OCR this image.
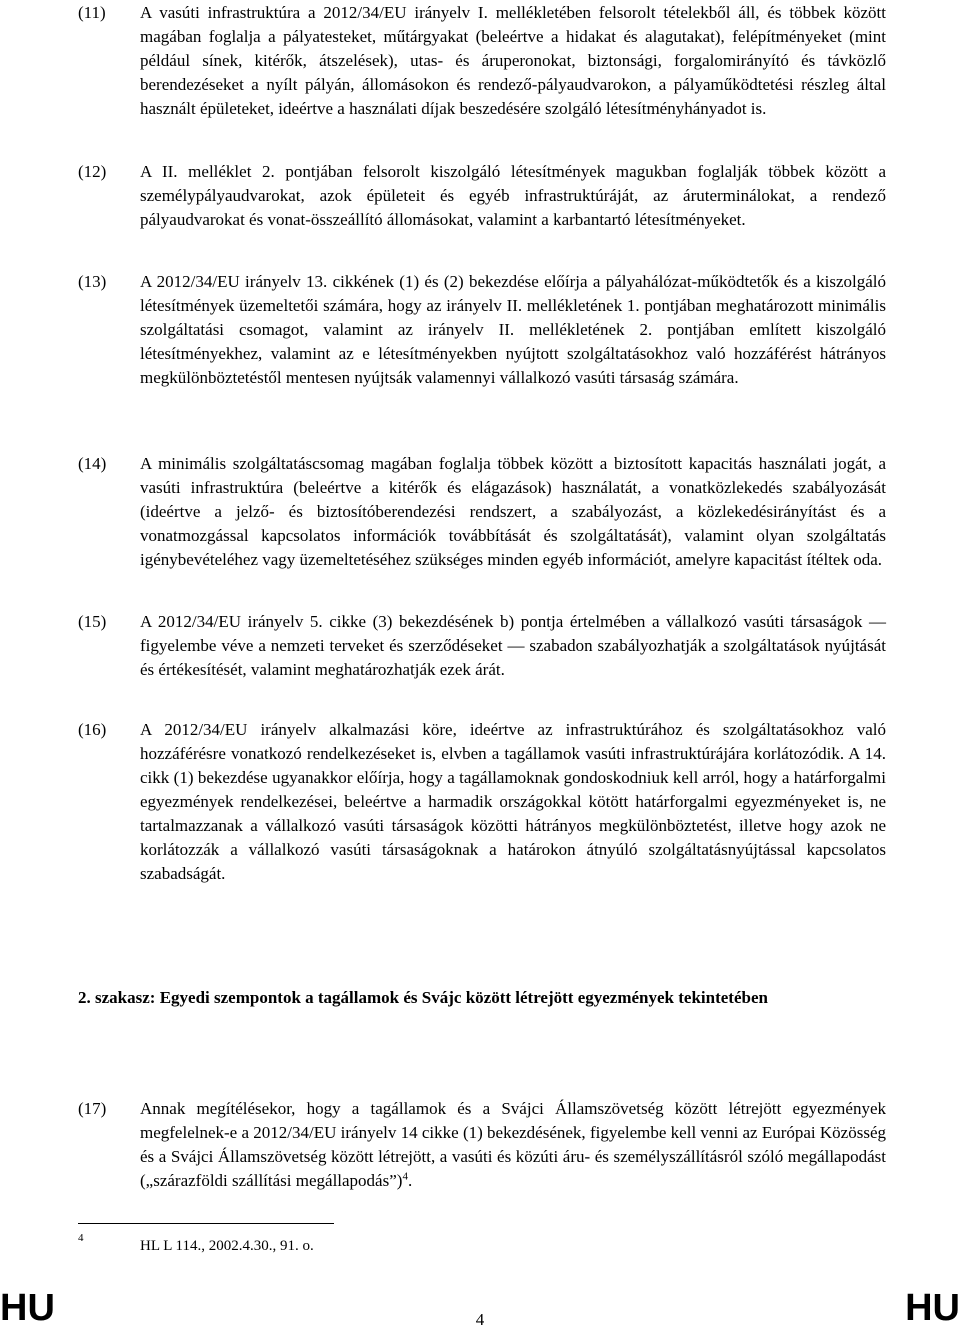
(11)	A vasúti infrastruktúra a 2012/34/EU irányelv I. mellékletében felsorolt tételekből áll, és többek között magában foglalja a pályatesteket, műtárgyakat (beleértve a hidakat és alagutakat), felépítményeket (mint például sínek, kitérők, átszelések), utas- és áruperonokat, biztonsági, forgalomirányító és távközlő berendezéseket a nyílt pályán, állomásokon és rendező-pályaudvarokon, a pályaműködtetési részleg által használt épületeket, ideértve a használati díjak beszedésére szolgáló létesítményhányadot is.
(12)	A II. melléklet 2. pontjában felsorolt kiszolgáló létesítmények magukban foglalják többek között a személypályaudvarokat, azok épületeit és egyéb infrastruktúráját, az áruterminálokat, a rendező pályaudvarokat és vonat-összeállító állomásokat, valamint a karbantartó létesítményeket.
(13)	A 2012/34/EU irányelv 13. cikkének (1) és (2) bekezdése előírja a pályahálózat-működtetők és a kiszolgáló létesítmények üzemeltetői számára, hogy az irányelv II. mellékletének 1. pontjában meghatározott minimális szolgáltatási csomagot, valamint az irányelv II. mellékletének 2. pontjában említett kiszolgáló létesítményekhez, valamint az e létesítményekben nyújtott szolgáltatásokhoz való hozzáférést hátrányos megkülönböztetéstől mentesen nyújtsák valamennyi vállalkozó vasúti társaság számára.
(14)	A minimális szolgáltatáscsomag magában foglalja többek között a biztosított kapacitás használati jogát, a vasúti infrastruktúra (beleértve a kitérők és elágazások) használatát, a vonatközlekedés szabályozását (ideértve a jelző- és biztosítóberendezési rendszert, a szabályozást, a közlekedésirányítást és a vonatmozgással kapcsolatos információk továbbítását és szolgáltatását), valamint olyan szolgáltatás igénybevételéhez vagy üzemeltetéséhez szükséges minden egyéb információt, amelyre kapacitást ítéltek oda.
(15)	A 2012/34/EU irányelv 5. cikke (3) bekezdésének b) pontja értelmében a vállalkozó vasúti társaságok — figyelembe véve a nemzeti terveket és szerződéseket — szabadon szabályozhatják a szolgáltatások nyújtását és értékesítését, valamint meghatározhatják ezek árát.
(16)	A 2012/34/EU irányelv alkalmazási köre, ideértve az infrastruktúrához és szolgáltatásokhoz való hozzáférésre vonatkozó rendelkezéseket is, elvben a tagállamok vasúti infrastruktúrájára korlátozódik. A 14. cikk (1) bekezdése ugyanakkor előírja, hogy a tagállamoknak gondoskodniuk kell arról, hogy a határforgalmi egyezmények rendelkezései, beleértve a harmadik országokkal kötött határforgalmi egyezményeket is, ne tartalmazzanak a vállalkozó vasúti társaságok közötti hátrányos megkülönböztetést, illetve hogy azok ne korlátozzák a vállalkozó vasúti társaságoknak a határokon átnyúló szolgáltatásnyújtással kapcsolatos szabadságát.
2. szakasz: Egyedi szempontok a tagállamok és Svájc között létrejött egyezmények tekintetében
(17)	Annak megítélésekor, hogy a tagállamok és a Svájci Államszövetség között létrejött egyezmények megfelelnek-e a 2012/34/EU irányelv 14 cikke (1) bekezdésének, figyelembe kell venni az Európai Közösség és a Svájci Államszövetség között létrejött, a vasúti és közúti áru- és személyszállításról szóló megállapodást („szárazföldi szállítási megállapodás”)$^4$.
$^4$	HL L 114., 2002.4.30., 91. o.
HU	4	HU
